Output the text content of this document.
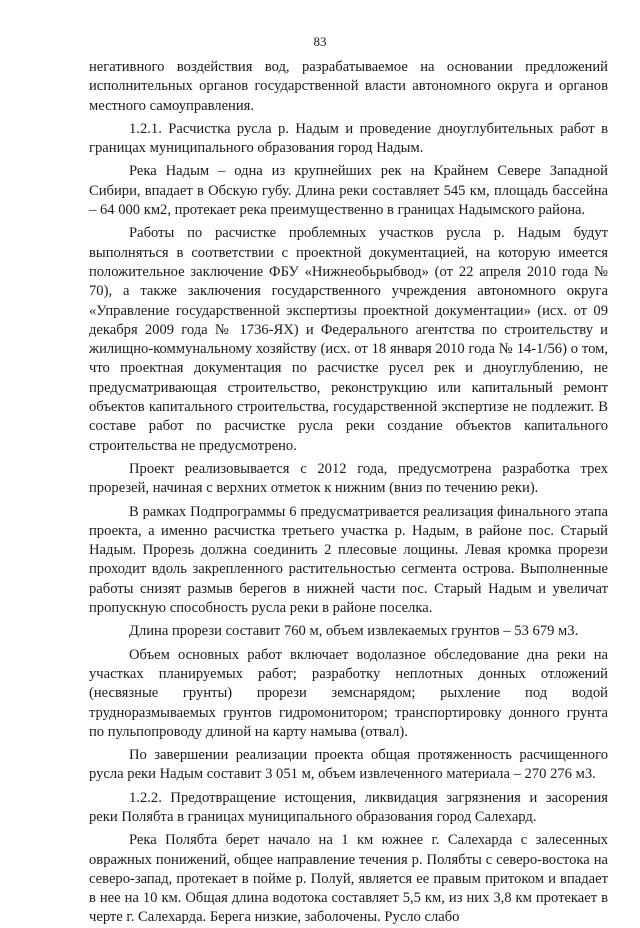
83

негативного воздействия вод, разрабатываемое на основании предложений исполнительных органов государственной власти автономного округа и органов местного самоуправления.

1.2.1. Расчистка русла р. Надым и проведение дноуглубительных работ в границах муниципального образования город Надым.

Река Надым – одна из крупнейших рек на Крайнем Севере Западной Сибири, впадает в Обскую губу. Длина реки составляет 545 км, площадь бассейна – 64 000 км2, протекает река преимущественно в границах Надымского района.

Работы по расчистке проблемных участков русла р. Надым будут выполняться в соответствии с проектной документацией, на которую имеется положительное заключение ФБУ «Нижнеобьрыбвод» (от 22 апреля 2010 года № 70), а также заключения государственного учреждения автономного округа «Управление государственной экспертизы проектной документации» (исх. от 09 декабря 2009 года № 1736-ЯХ) и Федерального агентства по строительству и жилищно-коммунальному хозяйству (исх. от 18 января 2010 года № 14-1/56) о том, что проектная документация по расчистке русел рек и дноуглублению, не предусматривающая строительство, реконструкцию или капитальный ремонт объектов капитального строительства, государственной экспертизе не подлежит. В составе работ по расчистке русла реки создание объектов капитального строительства не предусмотрено.

Проект реализовывается с 2012 года, предусмотрена разработка трех прорезей, начиная с верхних отметок к нижним (вниз по течению реки).

В рамках Подпрограммы 6 предусматривается реализация финального этапа проекта, а именно расчистка третьего участка р. Надым, в районе пос. Старый Надым. Прорезь должна соединить 2 плесовые лощины. Левая кромка прорези проходит вдоль закрепленного растительностью сегмента острова. Выполненные работы снизят размыв берегов в нижней части пос. Старый Надым и увеличат пропускную способность русла реки в районе поселка.

Длина прорези составит 760 м, объем извлекаемых грунтов – 53 679 м3.

Объем основных работ включает водолазное обследование дна реки на участках планируемых работ; разработку неплотных донных отложений (несвязные грунты) прорези земснарядом; рыхление под водой трудноразмываемых грунтов гидромонитором; транспортировку донного грунта по пульпопроводу длиной на карту намыва (отвал).

По завершении реализации проекта общая протяженность расчищенного русла реки Надым составит 3 051 м, объем извлеченного материала – 270 276 м3.

1.2.2. Предотвращение истощения, ликвидация загрязнения и засорения реки Полябта в границах муниципального образования город Салехард.

Река Полябта берет начало на 1 км южнее г. Салехарда с залесенных овражных понижений, общее направление течения р. Полябты с северо-востока на северо-запад, протекает в пойме р. Полуй, является ее правым притоком и впадает в нее на 10 км. Общая длина водотока составляет 5,5 км, из них 3,8 км протекает в черте г. Салехарда. Берега низкие, заболочены. Русло слабо
